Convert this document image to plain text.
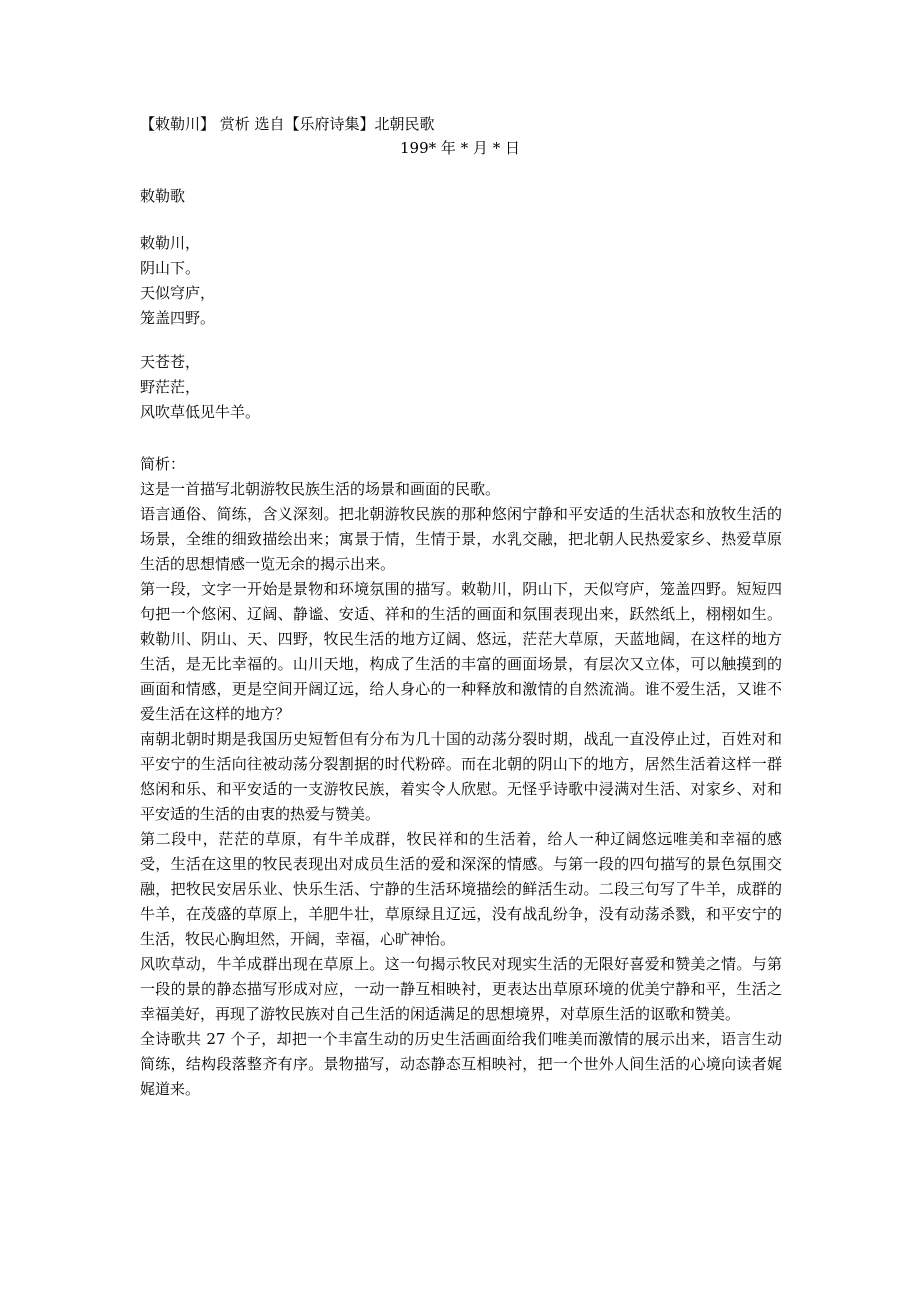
【敕勒川】 赏析 选自【乐府诗集】北朝民歌
199* 年 * 月 * 日
敕勒歌
敕勒川，
阴山下。
天似穹庐，
笼盖四野。
天苍苍，
野茫茫，
风吹草低见牛羊。

简析：

这是一首描写北朝游牧民族生活的场景和画面的民歌。

语言通俗、简练，含义深刻。把北朝游牧民族的那种悠闲宁静和平安适的生活状态和放牧生活的场景，全维的细致描绘出来；寓景于情，生情于景，水乳交融，把北朝人民热爱家乡、热爱草原生活的思想情感一览无余的揭示出来。

第一段，文字一开始是景物和环境氛围的描写。敕勒川，阴山下，天似穹庐，笼盖四野。短短四句把一个悠闲、辽阔、静谧、安适、祥和的生活的画面和氛围表现出来，跃然纸上，栩栩如生。敕勒川、阴山、天、四野，牧民生活的地方辽阔、悠远，茫茫大草原，天蓝地阔，在这样的地方生活，是无比幸福的。山川天地，构成了生活的丰富的画面场景，有层次又立体，可以触摸到的画面和情感，更是空间开阔辽远，给人身心的一种释放和激情的自然流淌。谁不爱生活，又谁不爱生活在这样的地方？

南朝北朝时期是我国历史短暂但有分布为几十国的动荡分裂时期，战乱一直没停止过，百姓对和平安宁的生活向往被动荡分裂割据的时代粉碎。而在北朝的阴山下的地方，居然生活着这样一群悠闲和乐、和平安适的一支游牧民族，着实令人欣慰。无怪乎诗歌中浸满对生活、对家乡、对和平安适的生活的由衷的热爱与赞美。

第二段中，茫茫的草原，有牛羊成群，牧民祥和的生活着，给人一种辽阔悠远唯美和幸福的感受，生活在这里的牧民表现出对成员生活的爱和深深的情感。与第一段的四句描写的景色氛围交融，把牧民安居乐业、快乐生活、宁静的生活环境描绘的鲜活生动。二段三句写了牛羊，成群的牛羊，在茂盛的草原上，羊肥牛壮，草原绿且辽远，没有战乱纷争，没有动荡杀戮，和平安宁的生活，牧民心胸坦然，开阔，幸福，心旷神怡。

风吹草动，牛羊成群出现在草原上。这一句揭示牧民对现实生活的无限好喜爱和赞美之情。与第一段的景的静态描写形成对应，一动一静互相映衬，更表达出草原环境的优美宁静和平，生活之幸福美好，再现了游牧民族对自己生活的闲适满足的思想境界，对草原生活的讴歌和赞美。

全诗歌共 27 个子，却把一个丰富生动的历史生活画面给我们唯美而激情的展示出来，语言生动简练，结构段落整齐有序。景物描写，动态静态互相映衬，把一个世外人间生活的心境向读者娓娓道来。
